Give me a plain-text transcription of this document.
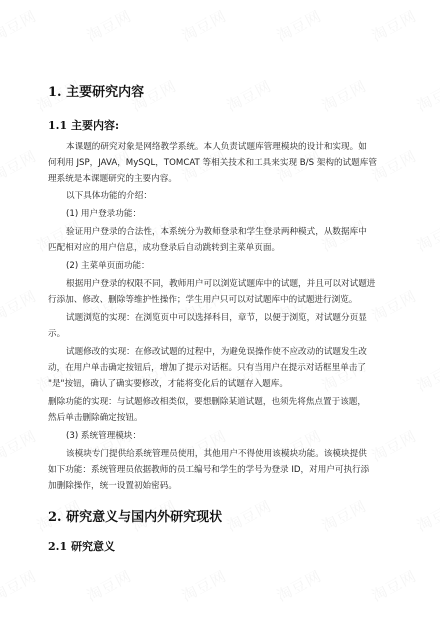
1. 主要研究内容
1.1 主要内容:

本课题的研究对象是网络教学系统。本人负责试题库管理模块的设计和实现。如

何利用 JSP，JAVA，MySQL，TOMCAT 等相关技术和工具来实现 B/S 架构的试题库管

理系统是本课题研究的主要内容。

以下具体功能的介绍：

(1) 用户登录功能：

验证用户登录的合法性，本系统分为教师登录和学生登录两种模式，从数据库中

匹配相对应的用户信息，成功登录后自动跳转到主菜单页面。

(2) 主菜单页面功能：

根据用户登录的权限不同，教师用户可以浏览试题库中的试题，并且可以对试题进

行添加、修改、删除等维护性操作；学生用户只可以对试题库中的试题进行浏览。

试题浏览的实现：在浏览页中可以选择科目，章节，以便于浏览，对试题分页显

示。

试题修改的实现：在修改试题的过程中，为避免误操作使不应改动的试题发生改

动，在用户单击确定按钮后，增加了提示对话框。只有当用户在提示对话框里单击了

"是"按钮，确认了确实要修改，才能将变化后的试题存入题库。

删除功能的实现：与试题修改相类似，要想删除某道试题，也须先将焦点置于该题，

然后单击删除确定按钮。

(3) 系统管理模块：

该模块专门提供给系统管理员使用，其他用户不得使用该模块功能。该模块提供

如下功能：系统管理员依据教师的员工编号和学生的学号为登录 ID，对用户可执行添

加删除操作，统一设置初始密码。

2. 研究意义与国内外研究现状
2.1 研究意义
